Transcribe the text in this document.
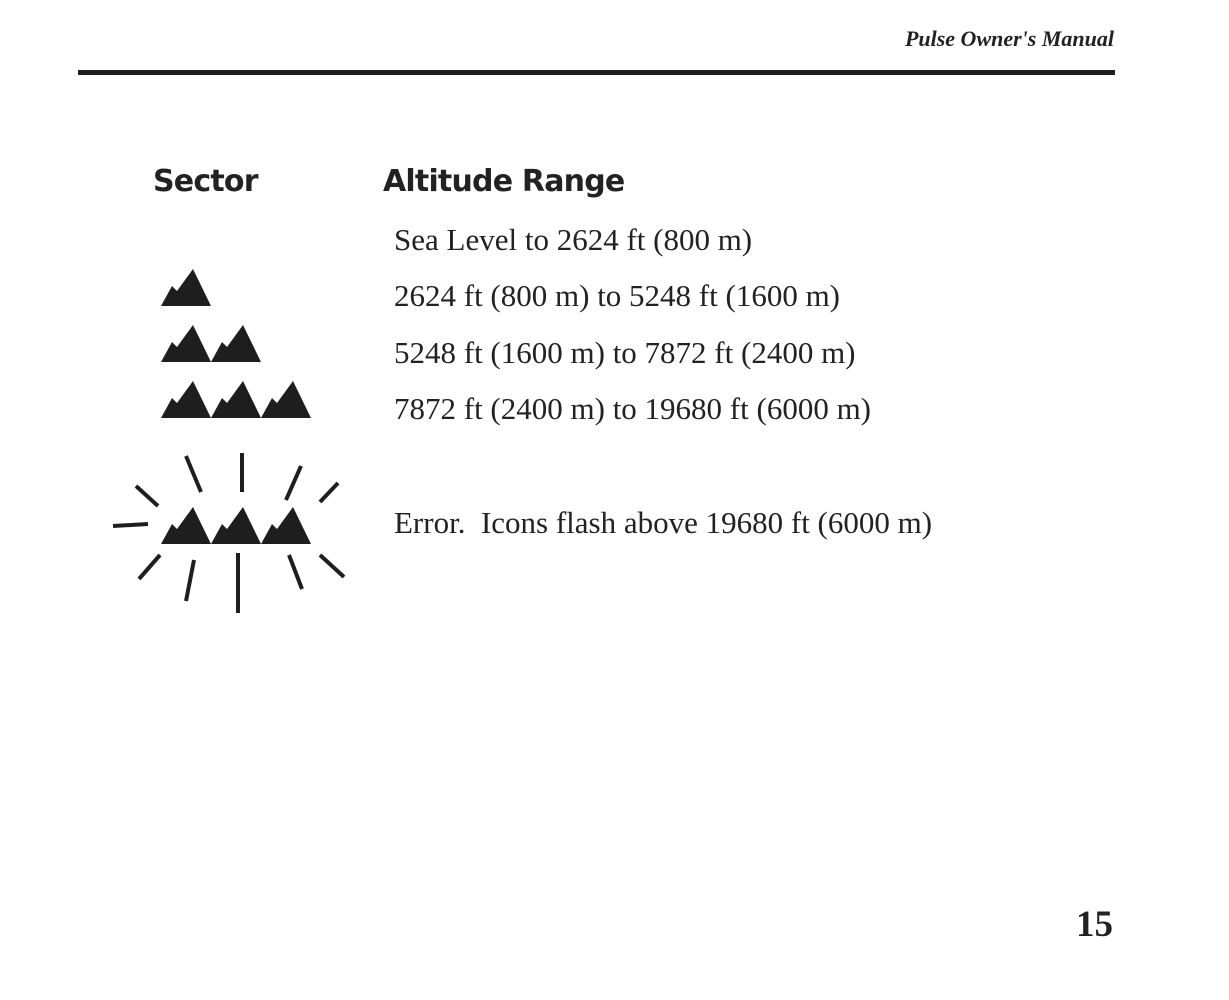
Pulse Owner's Manual
Sector	Altitude Range
Sea Level to 2624 ft (800 m)
2624 ft (800 m) to 5248 ft (1600 m)
5248 ft (1600 m) to 7872 ft (2400 m)
7872 ft (2400 m) to 19680 ft (6000 m)
Error.  Icons flash above 19680 ft (6000 m)
15
